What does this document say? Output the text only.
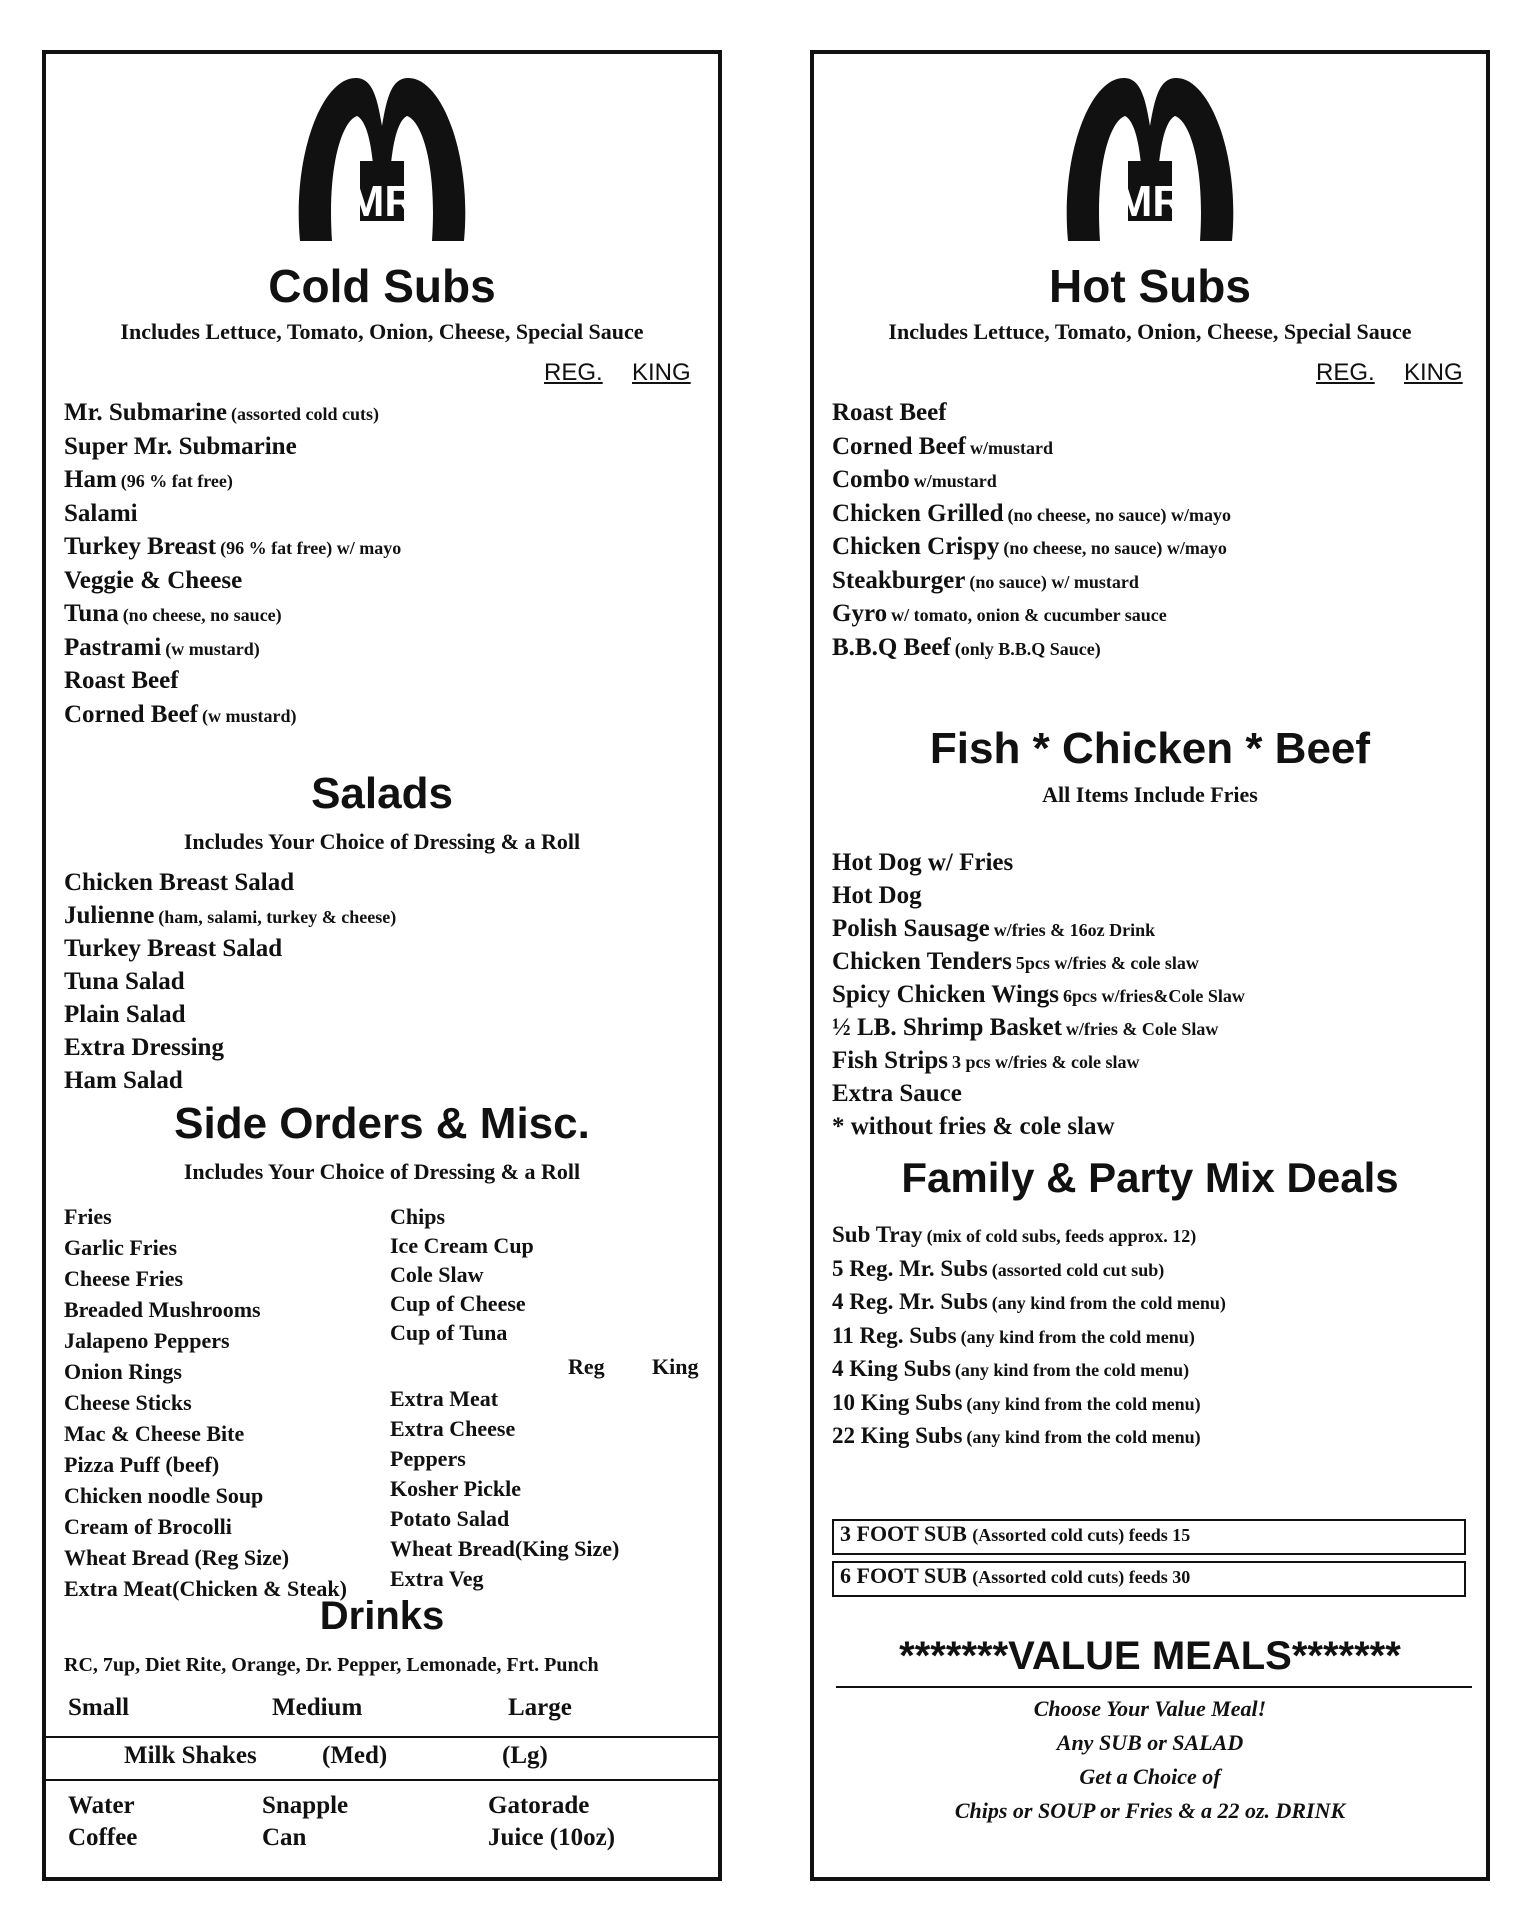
MR
Cold Subs
Includes Lettuce, Tomato, Onion, Cheese, Special Sauce
REG. KING
Mr. Submarine (assorted cold cuts)
Super Mr. Submarine
Ham (96 % fat free)
Salami
Turkey Breast (96 % fat free) w/ mayo
Veggie & Cheese
Tuna (no cheese, no sauce)
Pastrami (w mustard)
Roast Beef
Corned Beef (w mustard)
Salads
Includes Your Choice of Dressing & a Roll
Chicken Breast Salad
Julienne (ham, salami, turkey & cheese)
Turkey Breast Salad
Tuna Salad
Plain Salad
Extra Dressing
Ham Salad
Side Orders & Misc.
Includes Your Choice of Dressing & a Roll
Fries
Garlic Fries
Cheese Fries
Breaded Mushrooms
Jalapeno Peppers
Onion Rings
Cheese Sticks
Mac & Cheese Bite
Pizza Puff (beef)
Chicken noodle Soup
Cream of Brocolli
Wheat Bread (Reg Size)
Extra Meat(Chicken & Steak)
Chips
Ice Cream Cup
Cole Slaw
Cup of Cheese
Cup of Tuna
Reg King
Extra Meat
Extra Cheese
Peppers
Kosher Pickle
Potato Salad
Wheat Bread(King Size)
Extra Veg
Drinks
RC, 7up, Diet Rite, Orange, Dr. Pepper, Lemonade, Frt. Punch
Small	Medium	Large
Milk Shakes	(Med)	(Lg)
Water	Snapple	Gatorade
Coffee	Can	Juice (10oz)
MR
Hot Subs
Includes Lettuce, Tomato, Onion, Cheese, Special Sauce
REG. KING
Roast Beef
Corned Beef w/mustard
Combo w/mustard
Chicken Grilled (no cheese, no sauce) w/mayo
Chicken Crispy (no cheese, no sauce) w/mayo
Steakburger (no sauce) w/ mustard
Gyro w/ tomato, onion & cucumber sauce
B.B.Q Beef (only B.B.Q Sauce)
Fish * Chicken * Beef
All Items Include Fries
Hot Dog w/ Fries
Hot Dog
Polish Sausage w/fries & 16oz Drink
Chicken Tenders 5pcs w/fries & cole slaw
Spicy Chicken Wings 6pcs w/fries&Cole Slaw
½ LB. Shrimp Basket w/fries & Cole Slaw
Fish Strips 3 pcs w/fries & cole slaw
Extra Sauce
* without fries & cole slaw
Family & Party Mix Deals
Sub Tray (mix of cold subs, feeds approx. 12)
5 Reg. Mr. Subs (assorted cold cut sub)
4 Reg. Mr. Subs (any kind from the cold menu)
11 Reg. Subs (any kind from the cold menu)
4 King Subs (any kind from the cold menu)
10 King Subs (any kind from the cold menu)
22 King Subs (any kind from the cold menu)
3 FOOT SUB (Assorted cold cuts) feeds 15
6 FOOT SUB (Assorted cold cuts) feeds 30
*******VALUE MEALS*******
Choose Your Value Meal!
Any SUB or SALAD
Get a Choice of
Chips or SOUP or Fries & a 22 oz. DRINK
